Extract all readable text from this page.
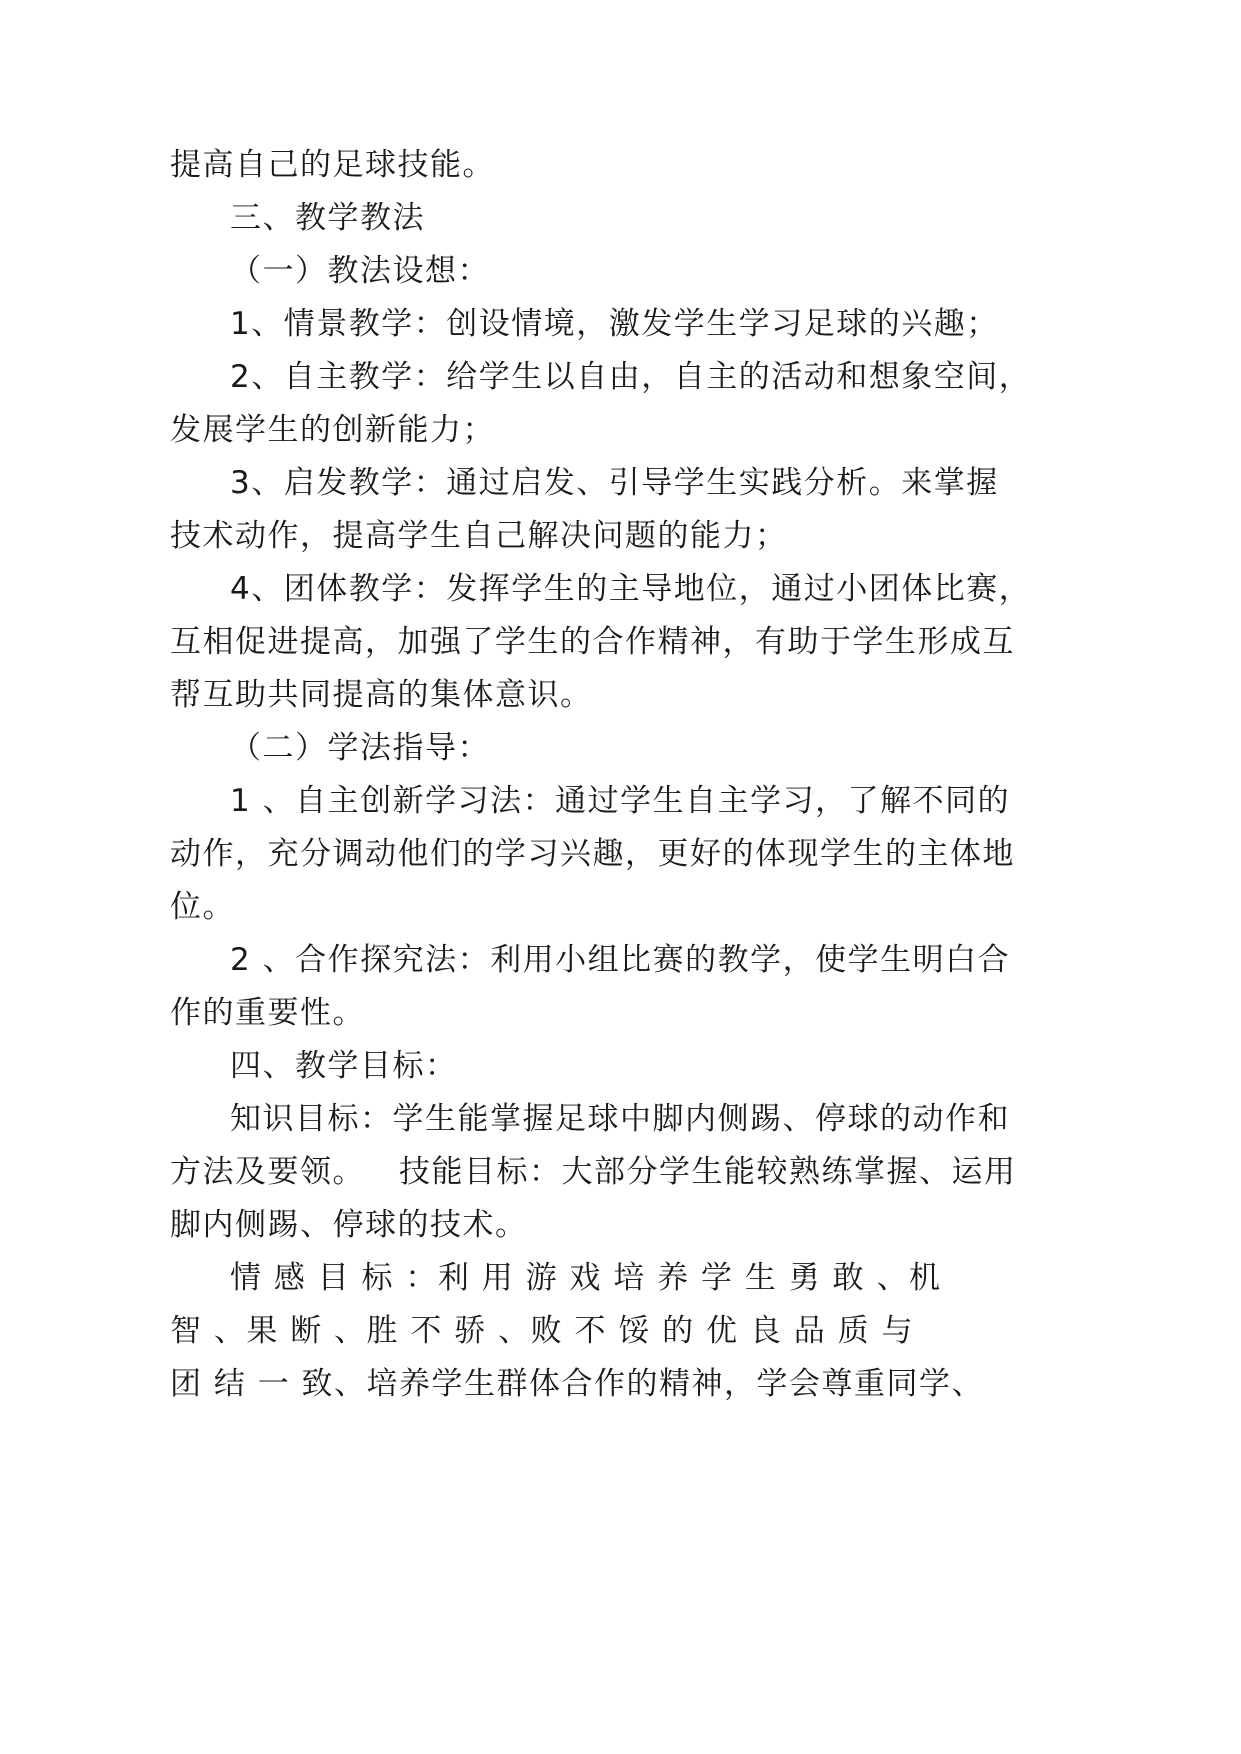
提高自己的足球技能。
三、教学教法
（一）教法设想：
1、情景教学：创设情境，激发学生学习足球的兴趣；
2、自主教学：给学生以自由，自主的活动和想象空间，
发展学生的创新能力；
3、启发教学：通过启发、引导学生实践分析。来掌握
技术动作，提高学生自己解决问题的能力；
4、团体教学：发挥学生的主导地位，通过小团体比赛，
互相促进提高，加强了学生的合作精神，有助于学生形成互
帮互助共同提高的集体意识。
（二）学法指导：
1 、自主创新学习法：通过学生自主学习，了解不同的
动作，充分调动他们的学习兴趣，更好的体现学生的主体地
位。
2 、合作探究法：利用小组比赛的教学，使学生明白合
作的重要性。
四、教学目标：
知识目标：学生能掌握足球中脚内侧踢、停球的动作和
方法及要领。   技能目标：大部分学生能较熟练掌握、运用
脚内侧踢、停球的技术。
情 感 目 标 ：利 用 游 戏 培 养 学 生 勇 敢 、机
智 、果 断 、胜 不 骄 、败 不 馁 的 优 良 品 质 与
团 结 一 致、培养学生群体合作的精神，学会尊重同学、
